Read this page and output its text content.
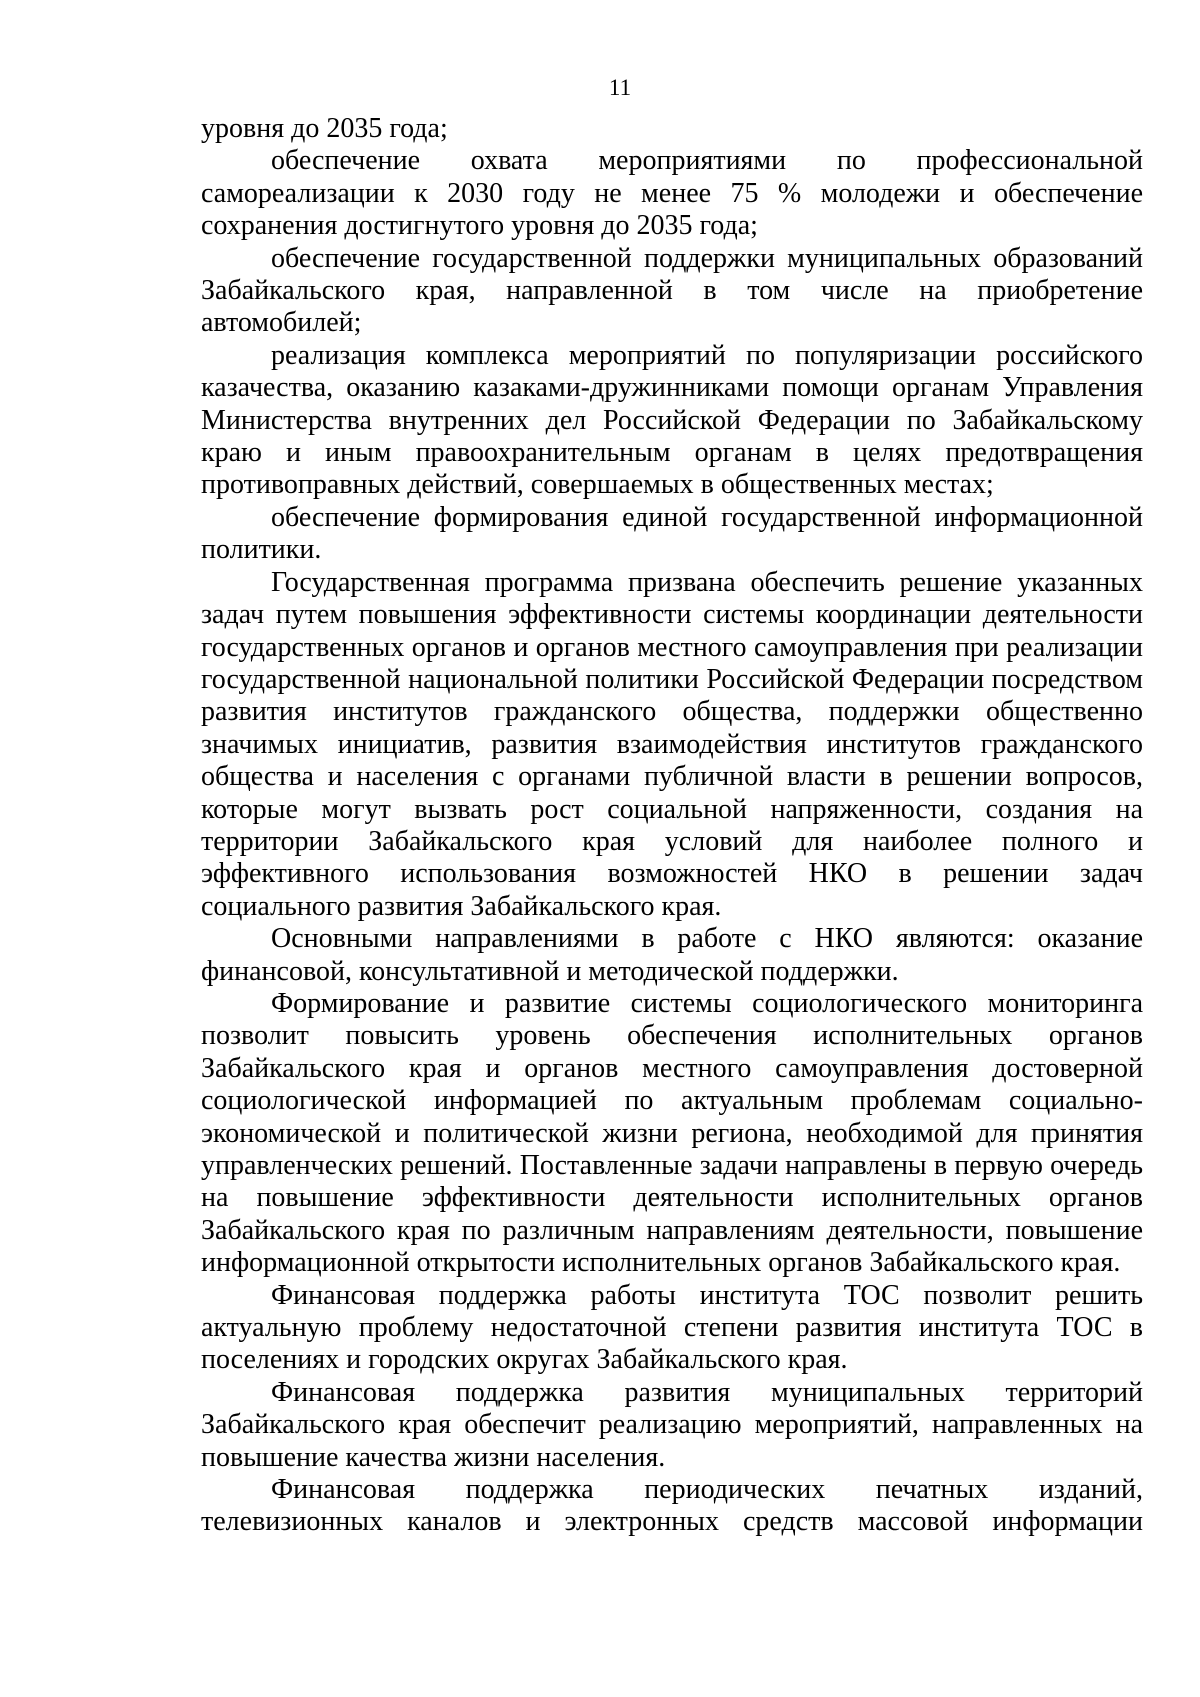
11

уровня до 2035 года;

обеспечение охвата мероприятиями по профессиональной самореализации к 2030 году не менее 75 % молодежи и обеспечение сохранения достигнутого уровня до 2035 года;

обеспечение государственной поддержки муниципальных образований Забайкальского края, направленной в том числе на приобретение автомобилей;

реализация комплекса мероприятий по популяризации российского казачества, оказанию казаками-дружинниками помощи органам Управления Министерства внутренних дел Российской Федерации по Забайкальскому краю и иным правоохранительным органам в целях предотвращения противоправных действий, совершаемых в общественных местах;

обеспечение формирования единой государственной информационной политики.

Государственная программа призвана обеспечить решение указанных задач путем повышения эффективности системы координации деятельности государственных органов и органов местного самоуправления при реализации государственной национальной политики Российской Федерации посредством развития институтов гражданского общества, поддержки общественно значимых инициатив, развития взаимодействия институтов гражданского общества и населения с органами публичной власти в решении вопросов, которые могут вызвать рост социальной напряженности, создания на территории Забайкальского края условий для наиболее полного и эффективного использования возможностей НКО в решении задач социального развития Забайкальского края.

Основными направлениями в работе с НКО являются: оказание финансовой, консультативной и методической поддержки.

Формирование и развитие системы социологического мониторинга позволит повысить уровень обеспечения исполнительных органов Забайкальского края и органов местного самоуправления достоверной социологической информацией по актуальным проблемам социально-экономической и политической жизни региона, необходимой для принятия управленческих решений. Поставленные задачи направлены в первую очередь на повышение эффективности деятельности исполнительных органов Забайкальского края по различным направлениям деятельности, повышение информационной открытости исполнительных органов Забайкальского края.

Финансовая поддержка работы института ТОС позволит решить актуальную проблему недостаточной степени развития института ТОС в поселениях и городских округах Забайкальского края.

Финансовая поддержка развития муниципальных территорий Забайкальского края обеспечит реализацию мероприятий, направленных на повышение качества жизни населения.

Финансовая поддержка периодических печатных изданий, телевизионных каналов и электронных средств массовой информации
